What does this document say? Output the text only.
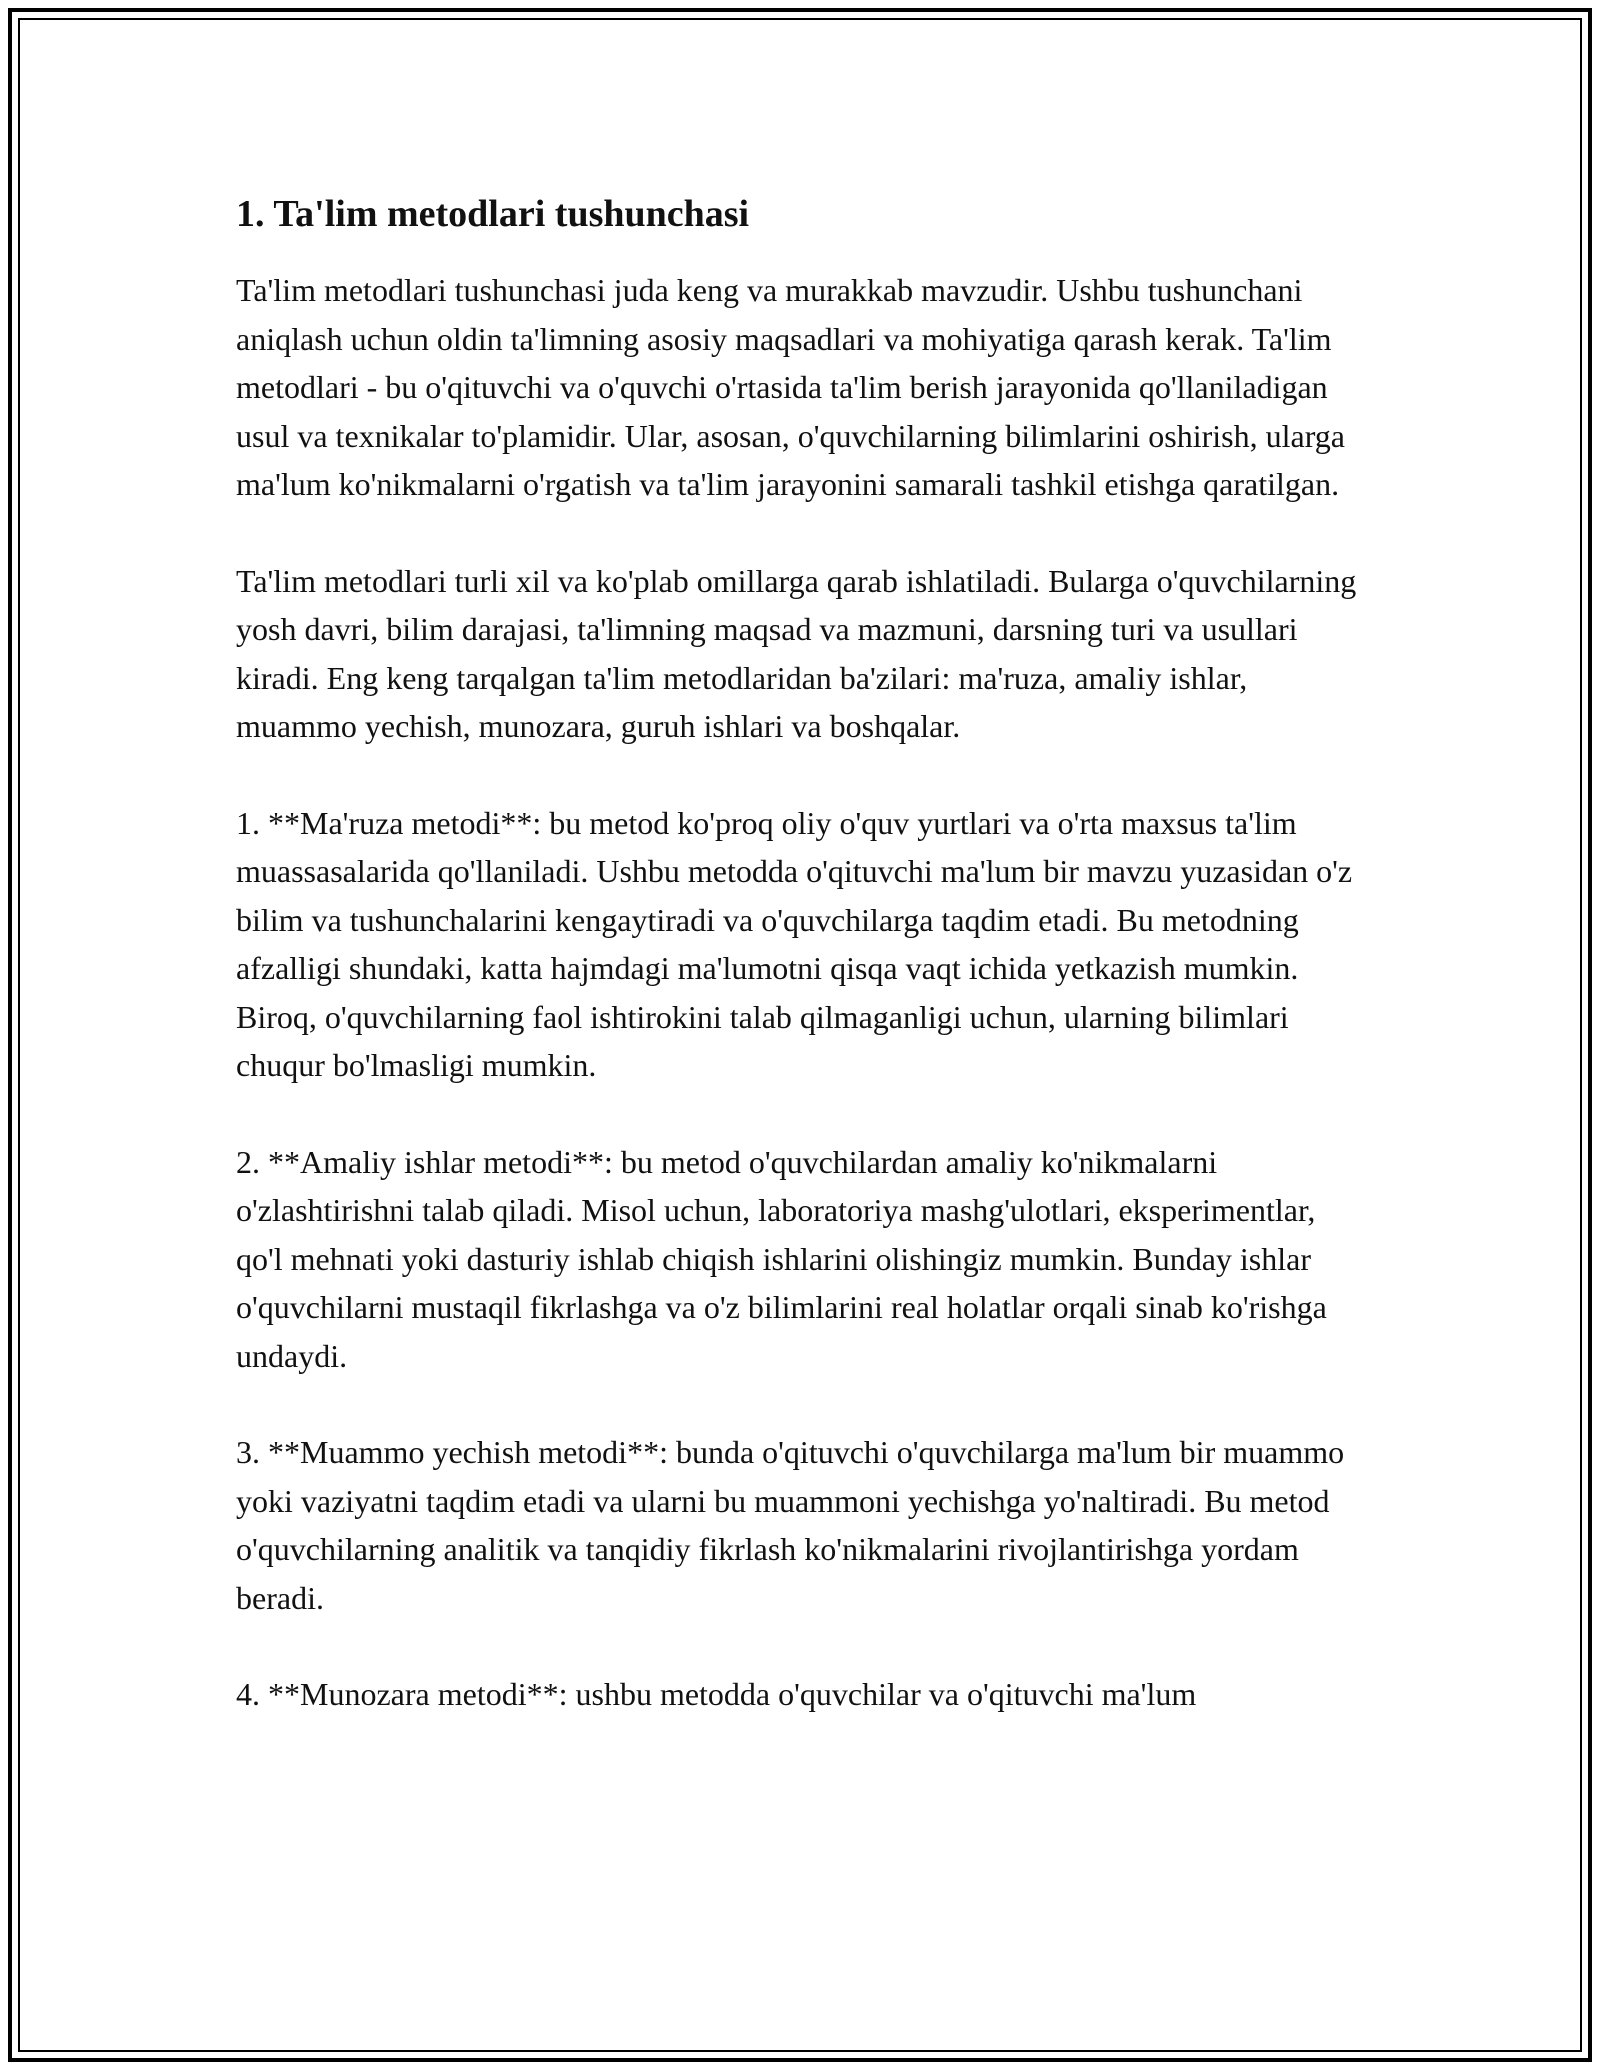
1. Ta'lim metodlari tushunchasi

Ta'lim metodlari tushunchasi juda keng va murakkab mavzudir. Ushbu tushunchani aniqlash uchun oldin ta'limning asosiy maqsadlari va mohiyatiga qarash kerak. Ta'lim metodlari - bu o'qituvchi va o'quvchi o'rtasida ta'lim berish jarayonida qo'llaniladigan usul va texnikalar to'plamidir. Ular, asosan, o'quvchilarning bilimlarini oshirish, ularga ma'lum ko'nikmalarni o'rgatish va ta'lim jarayonini samarali tashkil etishga qaratilgan.

Ta'lim metodlari turli xil va ko'plab omillarga qarab ishlatiladi. Bularga o'quvchilarning yosh davri, bilim darajasi, ta'limning maqsad va mazmuni, darsning turi va usullari kiradi. Eng keng tarqalgan ta'lim metodlaridan ba'zilari: ma'ruza, amaliy ishlar, muammo yechish, munozara, guruh ishlari va boshqalar.

1. **Ma'ruza metodi**: bu metod ko'proq oliy o'quv yurtlari va o'rta maxsus ta'lim muassasalarida qo'llaniladi. Ushbu metodda o'qituvchi ma'lum bir mavzu yuzasidan o'z bilim va tushunchalarini kengaytiradi va o'quvchilarga taqdim etadi. Bu metodning afzalligi shundaki, katta hajmdagi ma'lumotni qisqa vaqt ichida yetkazish mumkin. Biroq, o'quvchilarning faol ishtirokini talab qilmaganligi uchun, ularning bilimlari chuqur bo'lmasligi mumkin.

2. **Amaliy ishlar metodi**: bu metod o'quvchilardan amaliy ko'nikmalarni o'zlashtirishni talab qiladi. Misol uchun, laboratoriya mashg'ulotlari, eksperimentlar, qo'l mehnati yoki dasturiy ishlab chiqish ishlarini olishingiz mumkin. Bunday ishlar o'quvchilarni mustaqil fikrlashga va o'z bilimlarini real holatlar orqali sinab ko'rishga undaydi.

3. **Muammo yechish metodi**: bunda o'qituvchi o'quvchilarga ma'lum bir muammo yoki vaziyatni taqdim etadi va ularni bu muammoni yechishga yo'naltiradi. Bu metod o'quvchilarning analitik va tanqidiy fikrlash ko'nikmalarini rivojlantirishga yordam beradi.

4. **Munozara metodi**: ushbu metodda o'quvchilar va o'qituvchi ma'lum
